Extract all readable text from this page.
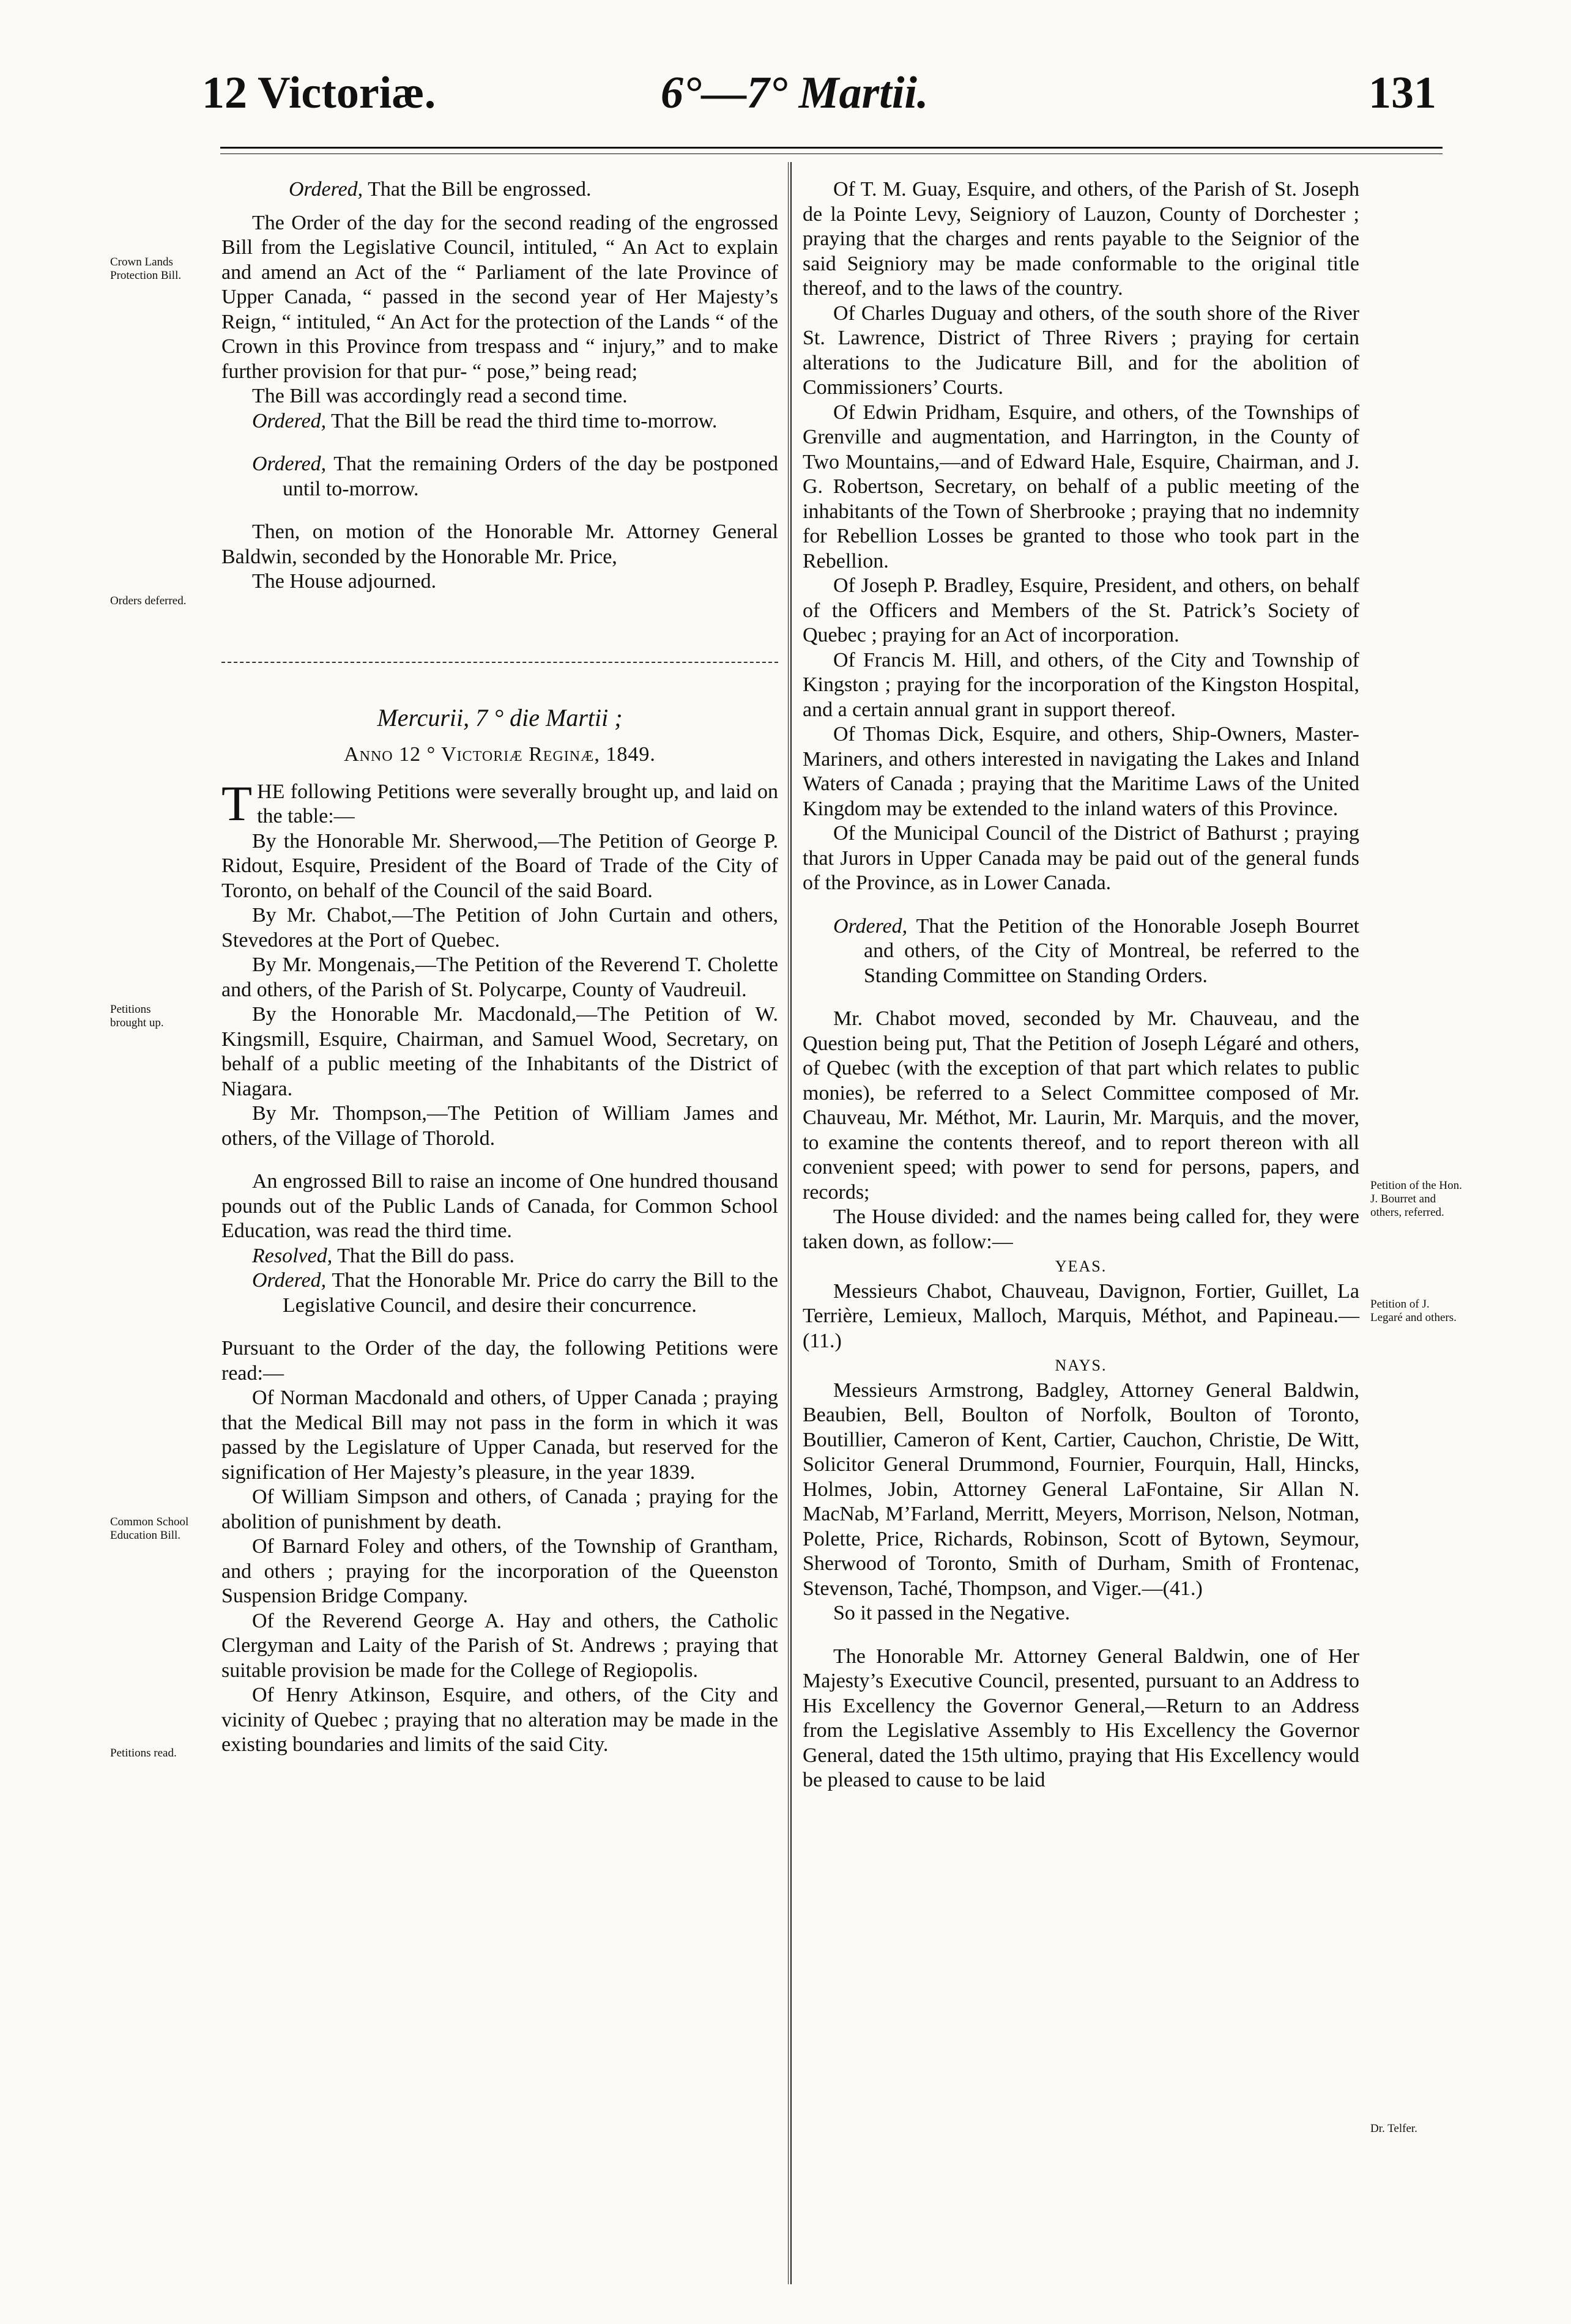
12 Victoriæ.	6°—7° Martii.	131
Crown Lands Protection Bill.
Orders deferred.
Petitions brought up.
Common School Education Bill.
Petitions read.
Petition of the Hon. J. Bourret and others, referred.
Petition of J. Legaré and others.
Dr. Telfer.

Ordered, That the Bill be engrossed.

The Order of the day for the second reading of the engrossed Bill from the Legislative Council, intituled, “ An Act to explain and amend an Act of the “ Parliament of the late Province of Upper Canada, “ passed in the second year of Her Majesty’s Reign, “ intituled, “ An Act for the protection of the Lands “ of the Crown in this Province from trespass and “ injury,” and to make further provision for that pur- “ pose,” being read;

The Bill was accordingly read a second time.

Ordered, That the Bill be read the third time to-morrow.

Ordered, That the remaining Orders of the day be postponed until to-morrow.

Then, on motion of the Honorable Mr. Attorney General Baldwin, seconded by the Honorable Mr. Price,

The House adjourned.

Mercurii, 7 ° die Martii ;
Anno 12 ° Victoriæ Reginæ, 1849.

THE following Petitions were severally brought up, and laid on the table:—

By the Honorable Mr. Sherwood,—The Petition of George P. Ridout, Esquire, President of the Board of Trade of the City of Toronto, on behalf of the Council of the said Board.

By Mr. Chabot,—The Petition of John Curtain and others, Stevedores at the Port of Quebec.

By Mr. Mongenais,—The Petition of the Reverend T. Cholette and others, of the Parish of St. Polycarpe, County of Vaudreuil.

By the Honorable Mr. Macdonald,—The Petition of W. Kingsmill, Esquire, Chairman, and Samuel Wood, Secretary, on behalf of a public meeting of the Inhabitants of the District of Niagara.

By Mr. Thompson,—The Petition of William James and others, of the Village of Thorold.

An engrossed Bill to raise an income of One hundred thousand pounds out of the Public Lands of Canada, for Common School Education, was read the third time.

Resolved, That the Bill do pass.

Ordered, That the Honorable Mr. Price do carry the Bill to the Legislative Council, and desire their concurrence.

Pursuant to the Order of the day, the following Petitions were read:—

Of Norman Macdonald and others, of Upper Canada ; praying that the Medical Bill may not pass in the form in which it was passed by the Legislature of Upper Canada, but reserved for the signification of Her Majesty’s pleasure, in the year 1839.

Of William Simpson and others, of Canada ; praying for the abolition of punishment by death.

Of Barnard Foley and others, of the Township of Grantham, and others ; praying for the incorporation of the Queenston Suspension Bridge Company.

Of the Reverend George A. Hay and others, the Catholic Clergyman and Laity of the Parish of St. Andrews ; praying that suitable provision be made for the College of Regiopolis.

Of Henry Atkinson, Esquire, and others, of the City and vicinity of Quebec ; praying that no alteration may be made in the existing boundaries and limits of the said City.

Of T. M. Guay, Esquire, and others, of the Parish of St. Joseph de la Pointe Levy, Seigniory of Lauzon, County of Dorchester ; praying that the charges and rents payable to the Seignior of the said Seigniory may be made conformable to the original title thereof, and to the laws of the country.

Of Charles Duguay and others, of the south shore of the River St. Lawrence, District of Three Rivers ; praying for certain alterations to the Judicature Bill, and for the abolition of Commissioners’ Courts.

Of Edwin Pridham, Esquire, and others, of the Townships of Grenville and augmentation, and Harrington, in the County of Two Mountains,—and of Edward Hale, Esquire, Chairman, and J. G. Robertson, Secretary, on behalf of a public meeting of the inhabitants of the Town of Sherbrooke ; praying that no indemnity for Rebellion Losses be granted to those who took part in the Rebellion.

Of Joseph P. Bradley, Esquire, President, and others, on behalf of the Officers and Members of the St. Patrick’s Society of Quebec ; praying for an Act of incorporation.

Of Francis M. Hill, and others, of the City and Township of Kingston ; praying for the incorporation of the Kingston Hospital, and a certain annual grant in support thereof.

Of Thomas Dick, Esquire, and others, Ship-Owners, Master-Mariners, and others interested in navigating the Lakes and Inland Waters of Canada ; praying that the Maritime Laws of the United Kingdom may be extended to the inland waters of this Province.

Of the Municipal Council of the District of Bathurst ; praying that Jurors in Upper Canada may be paid out of the general funds of the Province, as in Lower Canada.

Ordered, That the Petition of the Honorable Joseph Bourret and others, of the City of Montreal, be referred to the Standing Committee on Standing Orders.

Mr. Chabot moved, seconded by Mr. Chauveau, and the Question being put, That the Petition of Joseph Légaré and others, of Quebec (with the exception of that part which relates to public monies), be referred to a Select Committee composed of Mr. Chauveau, Mr. Méthot, Mr. Laurin, Mr. Marquis, and the mover, to examine the contents thereof, and to report thereon with all convenient speed; with power to send for persons, papers, and records;

The House divided: and the names being called for, they were taken down, as follow:—

YEAS.

Messieurs Chabot, Chauveau, Davignon, Fortier, Guillet, La Terrière, Lemieux, Malloch, Marquis, Méthot, and Papineau.—(11.)

NAYS.

Messieurs Armstrong, Badgley, Attorney General Baldwin, Beaubien, Bell, Boulton of Norfolk, Boulton of Toronto, Boutillier, Cameron of Kent, Cartier, Cauchon, Christie, De Witt, Solicitor General Drummond, Fournier, Fourquin, Hall, Hincks, Holmes, Jobin, Attorney General LaFontaine, Sir Allan N. MacNab, M’Farland, Merritt, Meyers, Morrison, Nelson, Notman, Polette, Price, Richards, Robinson, Scott of Bytown, Seymour, Sherwood of Toronto, Smith of Durham, Smith of Frontenac, Stevenson, Taché, Thompson, and Viger.—(41.)

So it passed in the Negative.

The Honorable Mr. Attorney General Baldwin, one of Her Majesty’s Executive Council, presented, pursuant to an Address to His Excellency the Governor General,—Return to an Address from the Legislative Assembly to His Excellency the Governor General, dated the 15th ultimo, praying that His Excellency would be pleased to cause to be laid
